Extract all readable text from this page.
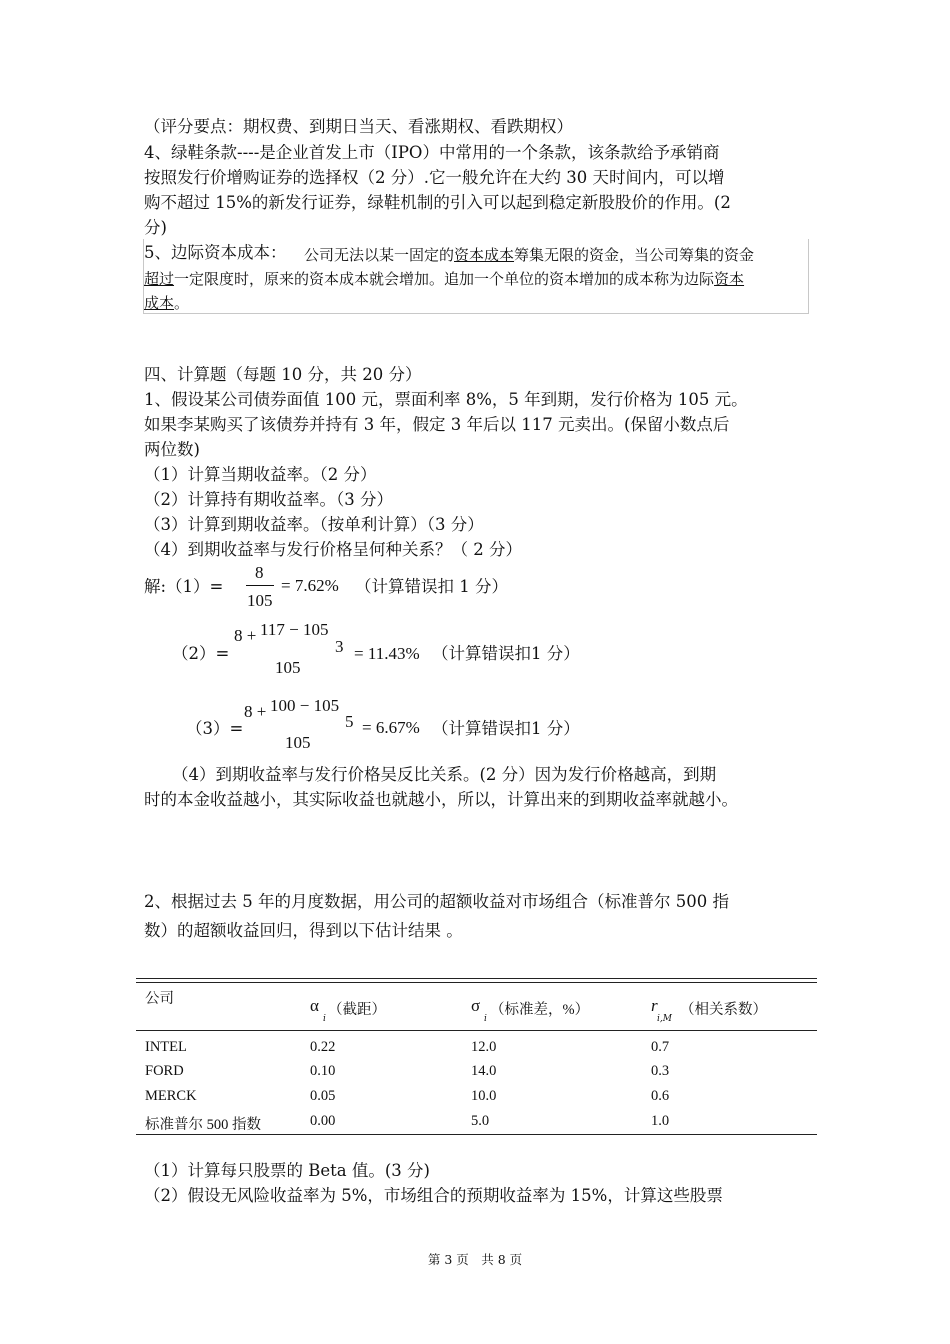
（评分要点：期权费、到期日当天、看涨期权、看跌期权）
4、绿鞋条款----是企业首发上市（IPO）中常用的一个条款，该条款给予承销商
按照发行价增购证券的选择权（2 分）.它一般允许在大约 30 天时间内，可以增
购不超过 15%的新发行证券，绿鞋机制的引入可以起到稳定新股股价的作用。(2
分)
5、边际资本成本： 公司无法以某一固定的资本成本筹集无限的资金，当公司筹集的资金
超过一定限度时，原来的资本成本就会增加。追加一个单位的资本增加的成本称为边际资本
成本。
四、计算题（每题 10 分，共 20 分）
1、假设某公司债券面值 100 元，票面利率 8%，5 年到期，发行价格为 105 元。
如果李某购买了该债券并持有 3 年，假定 3 年后以 117 元卖出。(保留小数点后
两位数)
（1）计算当期收益率。（2 分）
（2）计算持有期收益率。（3 分）
（3）计算到期收益率。（按单利计算）（3 分）
（4）到期收益率与发行价格呈何种关系？（ 2 分）
解:（1）=
8
105
= 7.62% （计算错误扣 1 分）
（2）=
8 + 117 − 105
3
105
= 11.43% （计算错误扣1 分）
（3）=
8 + 100 − 105
5
105
= 6.67% （计算错误扣1 分）
（4）到期收益率与发行价格吴反比关系。(2 分）因为发行价格越高，到期
时的本金收益越小，其实际收益也就越小，所以，计算出来的到期收益率就越小。
2、根据过去 5 年的月度数据，用公司的超额收益对市场组合（标准普尔 500 指
数）的超额收益回归，得到以下估计结果 。
公司	α
i
（截距）	σ
i
（标准差，%）	r
i,M
（相关系数）
INTEL	0.22	12.0	0.7
FORD	0.10	14.0	0.3
MERCK	0.05	10.0	0.6
标准普尔 500 指数	0.00	5.0	1.0
（1）计算每只股票的 Beta 值。(3 分)
（2）假设无风险收益率为 5%，市场组合的预期收益率为 15%，计算这些股票
第 3 页　共 8 页
